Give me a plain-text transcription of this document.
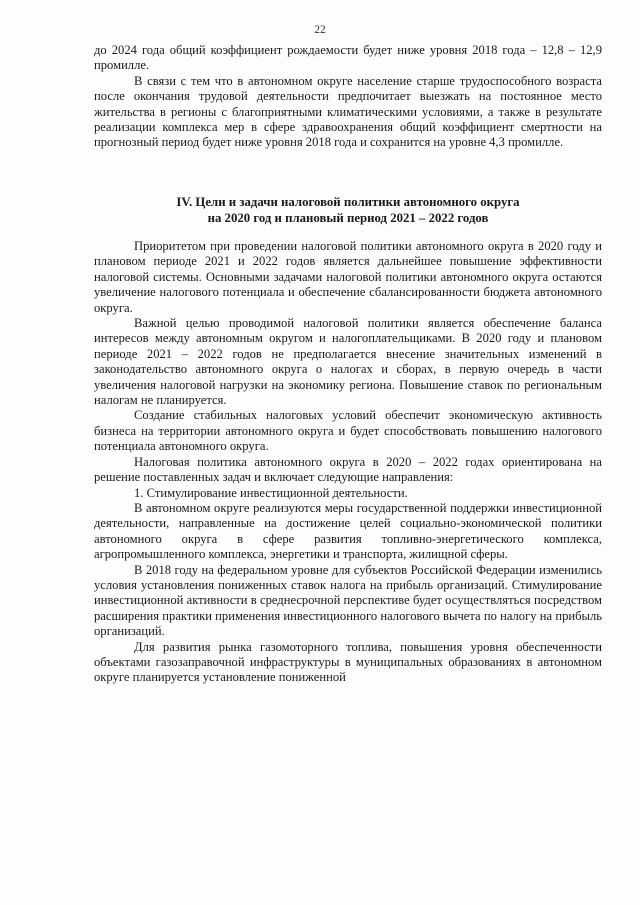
22

до 2024 года общий коэффициент рождаемости будет ниже уровня 2018 года – 12,8 – 12,9 промилле.

В связи с тем что в автономном округе население старше трудоспособного возраста после окончания трудовой деятельности предпочитает выезжать на постоянное место жительства в регионы с благоприятными климатическими условиями, а также в результате реализации комплекса мер в сфере здравоохранения общий коэффициент смертности на прогнозный период будет ниже уровня 2018 года и сохранится на уровне 4,3 промилле.

IV. Цели и задачи налоговой политики автономного округа
на 2020 год и плановый период 2021 – 2022 годов

Приоритетом при проведении налоговой политики автономного округа в 2020 году и плановом периоде 2021 и 2022 годов является дальнейшее повышение эффективности налоговой системы. Основными задачами налоговой политики автономного округа остаются увеличение налогового потенциала и обеспечение сбалансированности бюджета автономного округа.

Важной целью проводимой налоговой политики является обеспечение баланса интересов между автономным округом и налогоплательщиками. В 2020 году и плановом периоде 2021 – 2022 годов не предполагается внесение значительных изменений в законодательство автономного округа о налогах и сборах, в первую очередь в части увеличения налоговой нагрузки на экономику региона. Повышение ставок по региональным налогам не планируется.

Создание стабильных налоговых условий обеспечит экономическую активность бизнеса на территории автономного округа и будет способствовать повышению налогового потенциала автономного округа.

Налоговая политика автономного округа в 2020 – 2022 годах ориентирована на решение поставленных задач и включает следующие направления:

1. Стимулирование инвестиционной деятельности.

В автономном округе реализуются меры государственной поддержки инвестиционной деятельности, направленные на достижение целей социально-экономической политики автономного округа в сфере развития топливно-энергетического комплекса, агропромышленного комплекса, энергетики и транспорта, жилищной сферы.

В 2018 году на федеральном уровне для субъектов Российской Федерации изменились условия установления пониженных ставок налога на прибыль организаций. Стимулирование инвестиционной активности в среднесрочной перспективе будет осуществляться посредством расширения практики применения инвестиционного налогового вычета по налогу на прибыль организаций.

Для развития рынка газомоторного топлива, повышения уровня обеспеченности объектами газозаправочной инфраструктуры в муниципальных образованиях в автономном округе планируется установление пониженной
